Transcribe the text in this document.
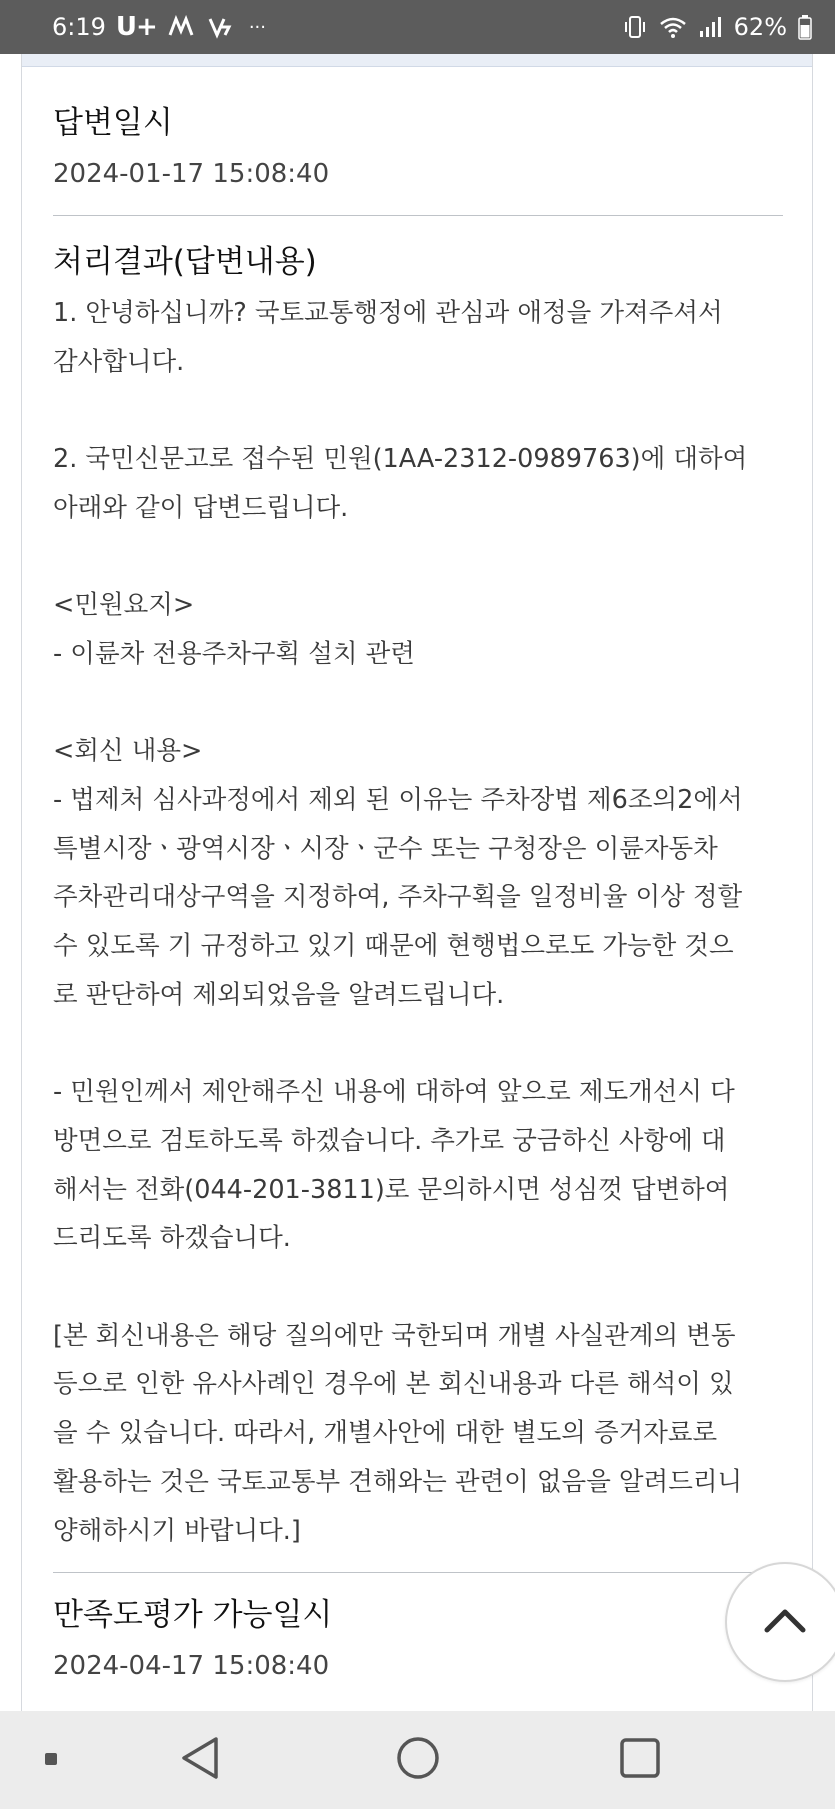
6:19 U+	···	62%
답변일시
2024-01-17 15:08:40
처리결과(답변내용)
1. 안녕하십니까? 국토교통행정에 관심과 애정을 가져주셔서
감사합니다.
2. 국민신문고로 접수된 민원(1AA-2312-0989763)에 대하여
아래와 같이 답변드립니다.
<민원요지>
- 이륜차 전용주차구획 설치 관련
<회신 내용>
- 법제처 심사과정에서 제외 된 이유는 주차장법 제6조의2에서
특별시장ㆍ광역시장ㆍ시장ㆍ군수 또는 구청장은 이륜자동차
주차관리대상구역을 지정하여, 주차구획을 일정비율 이상 정할
수 있도록 기 규정하고 있기 때문에 현행법으로도 가능한 것으
로 판단하여 제외되었음을 알려드립니다.
- 민원인께서 제안해주신 내용에 대하여 앞으로 제도개선시 다
방면으로 검토하도록 하겠습니다. 추가로 궁금하신 사항에 대
해서는 전화(044-201-3811)로 문의하시면 성심껏 답변하여
드리도록 하겠습니다.
[본 회신내용은 해당 질의에만 국한되며 개별 사실관계의 변동
등으로 인한 유사사례인 경우에 본 회신내용과 다른 해석이 있
을 수 있습니다. 따라서, 개별사안에 대한 별도의 증거자료로
활용하는 것은 국토교통부 견해와는 관련이 없음을 알려드리니
양해하시기 바랍니다.]
만족도평가 가능일시
2024-04-17 15:08:40
